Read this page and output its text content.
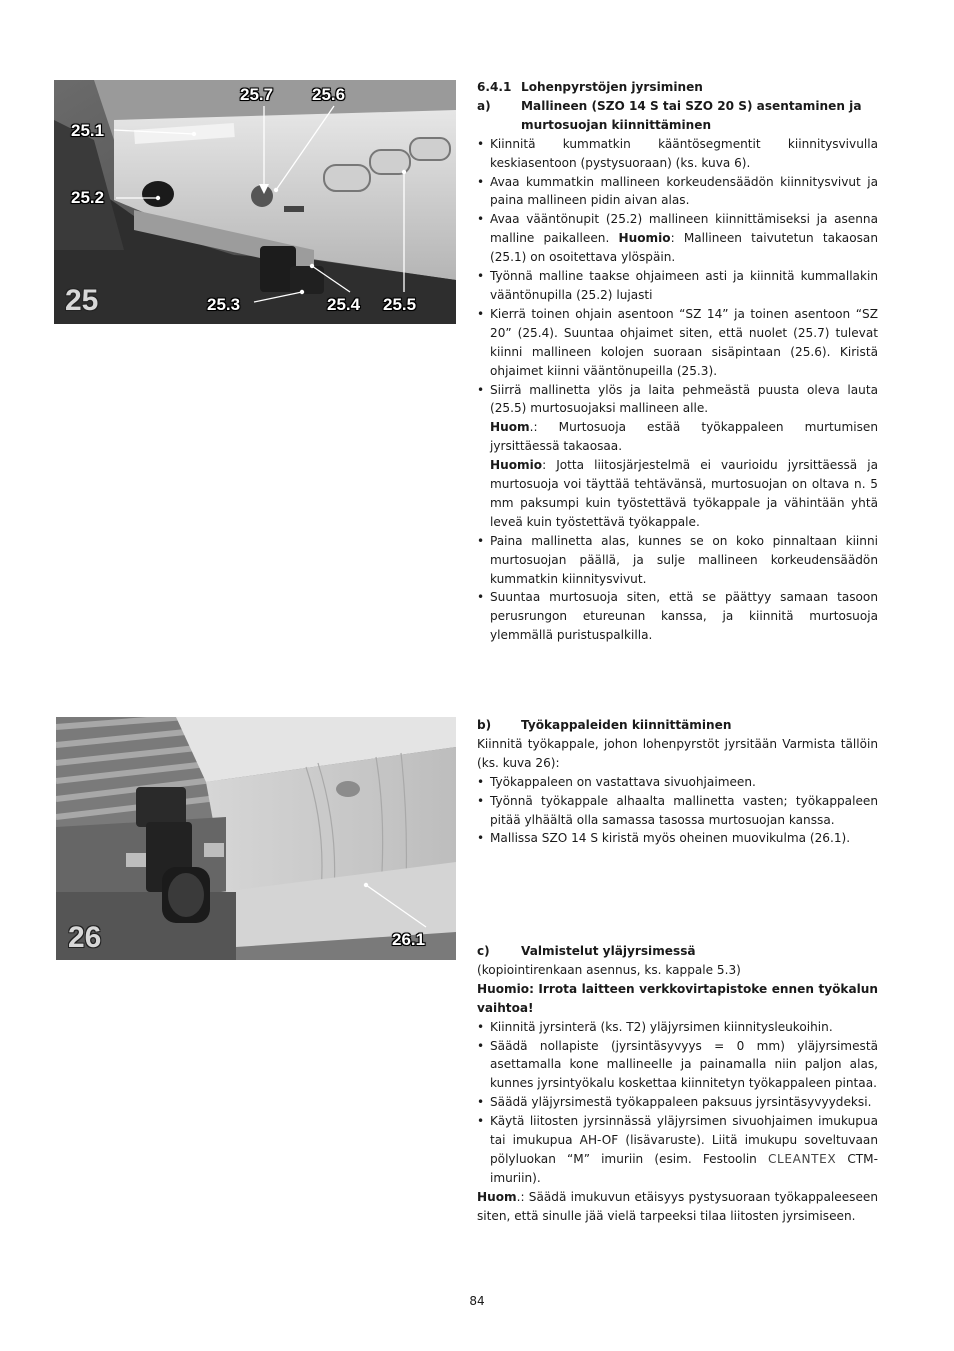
25.7 25.6
25.1
25.2
25.3	25.4 25.5
25
26.1
26
6.4.1 Lohenpyrstöjen jyrsiminen
a)	Mallineen (SZO 14 S tai SZO 20 S) asentaminen ja murtosuojan kiinnittäminen
• Kiinnitä kummatkin kääntösegmentit kiinnitysvivulla keskiasentoon (pystysuoraan) (ks. kuva 6).
• Avaa kummatkin mallineen korkeudensäädön kiinnitysvivut ja paina mallineen pidin aivan alas.
• Avaa vääntönupit (25.2) mallineen kiinnittämiseksi ja asenna malline paikalleen. Huomio: Mallineen taivutetun takaosan (25.1) on osoitettava ylöspäin.
• Työnnä malline taakse ohjaimeen asti ja kiinnitä kummallakin vääntönupilla (25.2) lujasti
• Kierrä toinen ohjain asentoon “SZ 14” ja toinen asentoon “SZ 20” (25.4). Suuntaa ohjaimet siten, että nuolet (25.7) tulevat kiinni mallineen kolojen suoraan sisäpintaan (25.6). Kiristä ohjaimet kiinni vääntönupeilla (25.3).
• Siirrä mallinetta ylös ja laita pehmeästä puusta oleva lauta (25.5) murtosuojaksi mallineen alle.

Huom.: Murtosuoja estää työkappaleen murtumisen jyrsittäessä takaosaa.

Huomio: Jotta liitosjärjestelmä ei vaurioidu jyrsittäessä ja murtosuoja voi täyttää tehtävänsä, murtosuojan on oltava n. 5 mm paksumpi kuin työstettävä työkappale ja vähintään yhtä leveä kuin työstettävä työkappale.

• Paina mallinetta alas, kunnes se on koko pinnaltaan kiinni murtosuojan päällä, ja sulje mallineen korkeudensäädön kummatkin kiinnitysvivut.
• Suuntaa murtosuoja siten, että se päättyy samaan tasoon perusrungon etureunan kanssa, ja kiinnitä murtosuoja ylemmällä puristuspalkilla.
b)	Työkappaleiden kiinnittäminen

Kiinnitä työkappale, johon lohenpyrstöt jyrsitään Varmista tällöin (ks. kuva 26):

• Työkappaleen on vastattava sivuohjaimeen.
• Työnnä työkappale alhaalta mallinetta vasten; työkappaleen pitää ylhäältä olla samassa tasossa murtosuojan kanssa.
• Mallissa SZO 14 S kiristä myös oheinen muovikulma (26.1).
c)	Valmistelut yläjyrsimessä

(kopiointirenkaan asennus, ks. kappale 5.3)

Huomio: Irrota laitteen verkkovirtapistoke ennen työkalun vaihtoa!

• Kiinnitä jyrsinterä (ks. T2) yläjyrsimen kiinnitysleukoihin.
• Säädä nollapiste (jyrsintäsyvyys = 0 mm) yläjyrsimestä asettamalla kone mallineelle ja painamalla niin paljon alas, kunnes jyrsintyökalu koskettaa kiinnitetyn työkappaleen pintaa.
• Säädä yläjyrsimestä työkappaleen paksuus jyrsintäsyvyydeksi.
• Käytä liitosten jyrsinnässä yläjyrsimen sivuohjaimen imukupua tai imukupua AH-OF (lisävaruste). Liitä imukupu soveltuvaan pölyluokan “M” imuriin (esim. Festoolin CLEANTEX CTM-imuriin).

Huom.: Säädä imukuvun etäisyys pystysuoraan työkappaleeseen siten, että sinulle jää vielä tarpeeksi tilaa liitosten jyrsimiseen.

84
